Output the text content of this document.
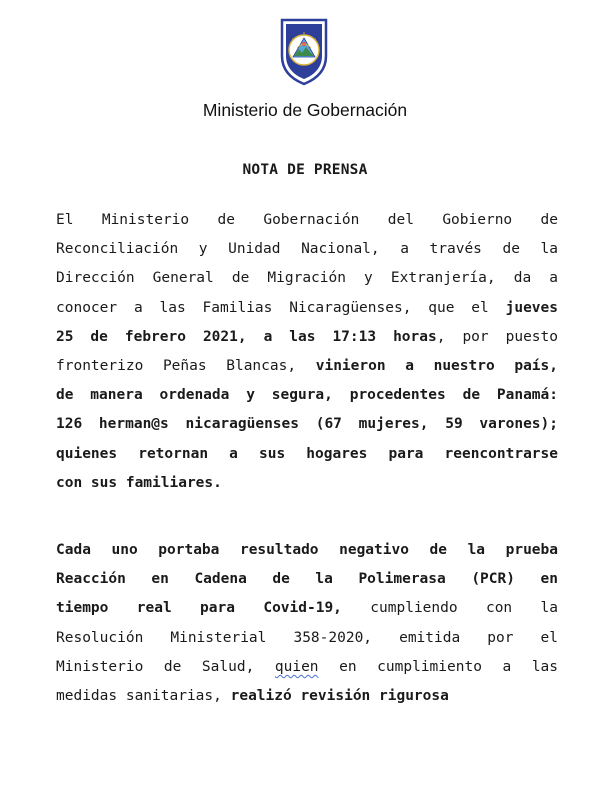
Ministerio de Gobernación
NOTA DE PRENSA
El Ministerio de Gobernación del Gobierno de
Reconciliación y Unidad Nacional, a través de la
Dirección General de Migración y Extranjería, da a
conocer a las Familias Nicaragüenses, que el jueves
25 de febrero 2021, a las 17:13 horas, por puesto
fronterizo Peñas Blancas, vinieron a nuestro país,
de manera ordenada y segura, procedentes de Panamá:
126 herman@s nicaragüenses (67 mujeres, 59 varones);
quienes retornan a sus hogares para reencontrarse
con sus familiares.
Cada uno portaba resultado negativo de la prueba
Reacción en Cadena de la Polimerasa (PCR) en
tiempo real para Covid-19, cumpliendo con la
Resolución Ministerial 358-2020, emitida por el
Ministerio de Salud, quien en cumplimiento a las
medidas sanitarias, realizó revisión rigurosa
